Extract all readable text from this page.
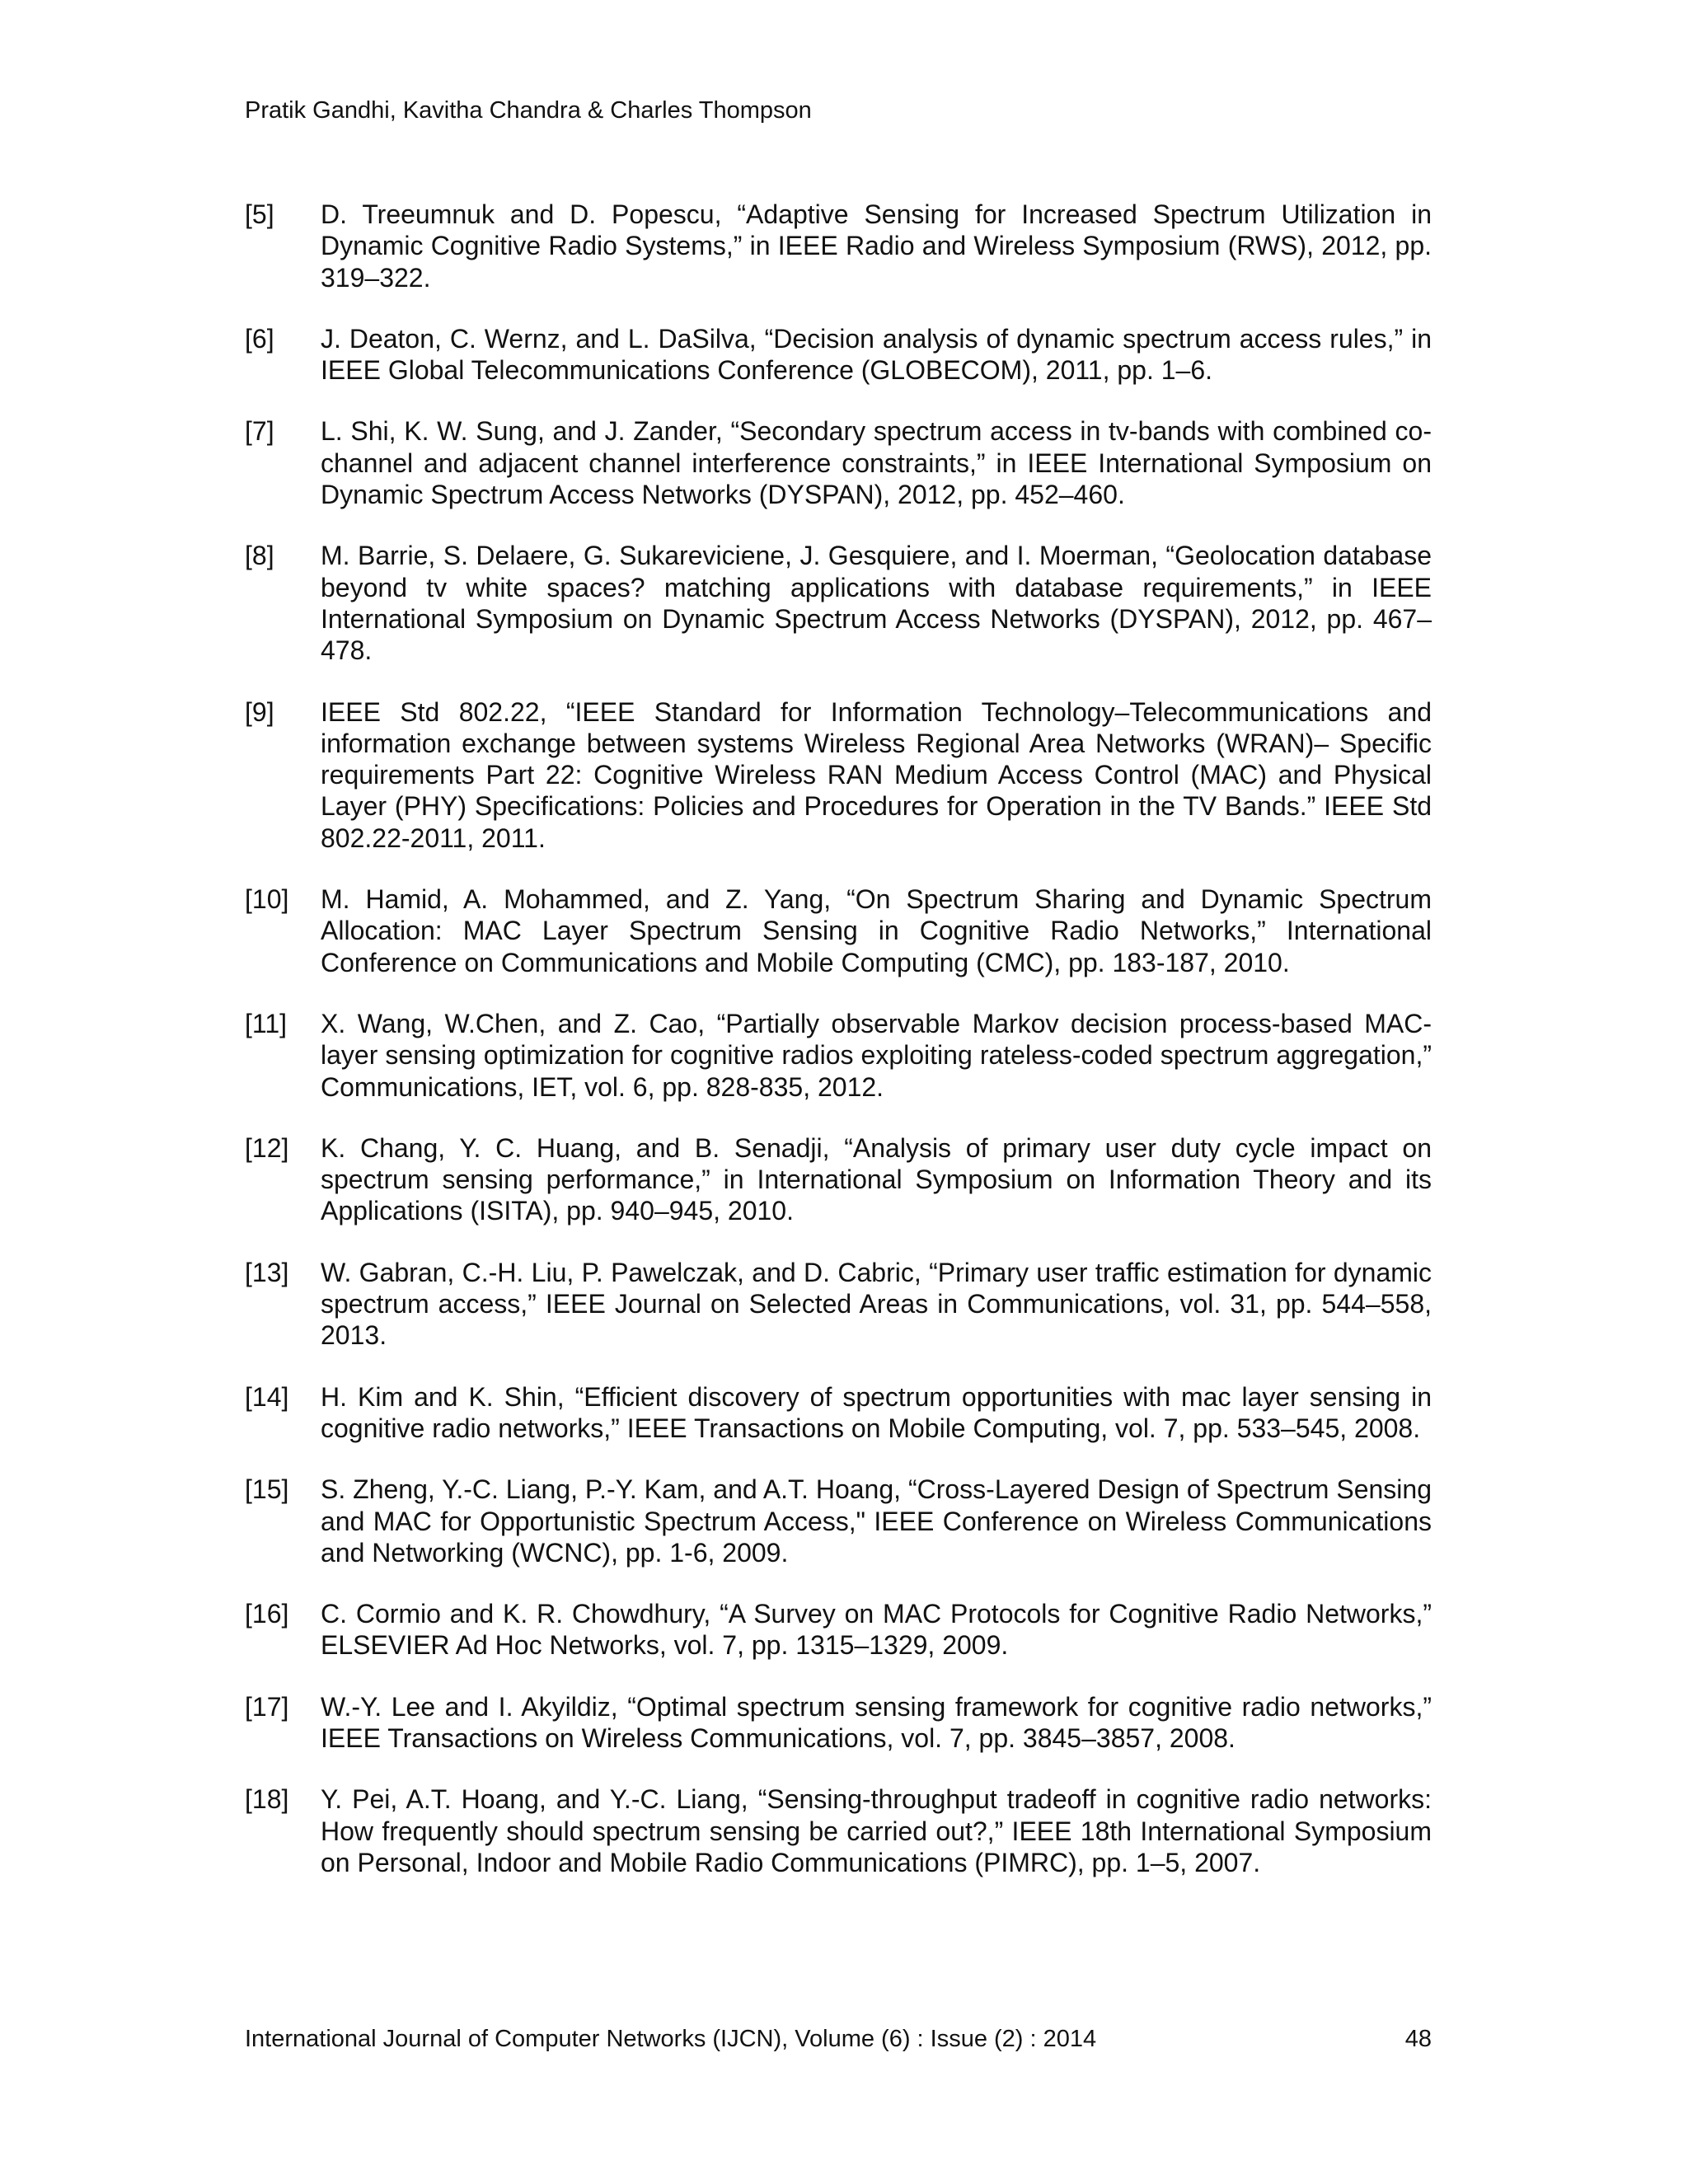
Pratik Gandhi, Kavitha Chandra & Charles Thompson
[5] D. Treeumnuk and D. Popescu, “Adaptive Sensing for Increased Spectrum Utilization in Dynamic Cognitive Radio Systems,” in IEEE Radio and Wireless Symposium (RWS), 2012, pp. 319–322.
[6] J. Deaton, C. Wernz, and L. DaSilva, “Decision analysis of dynamic spectrum access rules,” in IEEE Global Telecommunications Conference (GLOBECOM), 2011, pp. 1–6.
[7] L. Shi, K. W. Sung, and J. Zander, “Secondary spectrum access in tv-bands with combined co-channel and adjacent channel interference constraints,” in IEEE International Symposium on Dynamic Spectrum Access Networks (DYSPAN), 2012, pp. 452–460.
[8] M. Barrie, S. Delaere, G. Sukareviciene, J. Gesquiere, and I. Moerman, “Geolocation database beyond tv white spaces? matching applications with database requirements,” in IEEE International Symposium on Dynamic Spectrum Access Networks (DYSPAN), 2012, pp. 467–478.
[9] IEEE Std 802.22, “IEEE Standard for Information Technology–Telecommunications and information exchange between systems Wireless Regional Area Networks (WRAN)– Specific requirements Part 22: Cognitive Wireless RAN Medium Access Control (MAC) and Physical Layer (PHY) Specifications: Policies and Procedures for Operation in the TV Bands.” IEEE Std 802.22-2011, 2011.
[10] M. Hamid, A. Mohammed, and Z. Yang, “On Spectrum Sharing and Dynamic Spectrum Allocation: MAC Layer Spectrum Sensing in Cognitive Radio Networks,” International Conference on Communications and Mobile Computing (CMC), pp. 183-187, 2010.
[11] X. Wang, W.Chen, and Z. Cao, “Partially observable Markov decision process-based MAC-layer sensing optimization for cognitive radios exploiting rateless-coded spectrum aggregation,” Communications, IET, vol. 6, pp. 828-835, 2012.
[12] K. Chang, Y. C. Huang, and B. Senadji, “Analysis of primary user duty cycle impact on spectrum sensing performance,” in International Symposium on Information Theory and its Applications (ISITA), pp. 940–945, 2010.
[13] W. Gabran, C.-H. Liu, P. Pawelczak, and D. Cabric, “Primary user traffic estimation for dynamic spectrum access,” IEEE Journal on Selected Areas in Communications, vol. 31, pp. 544–558, 2013.
[14] H. Kim and K. Shin, “Efficient discovery of spectrum opportunities with mac layer sensing in cognitive radio networks,” IEEE Transactions on Mobile Computing, vol. 7, pp. 533–545, 2008.
[15] S. Zheng, Y.-C. Liang, P.-Y. Kam, and A.T. Hoang, “Cross-Layered Design of Spectrum Sensing and MAC for Opportunistic Spectrum Access," IEEE Conference on Wireless Communications and Networking (WCNC), pp. 1-6, 2009.
[16] C. Cormio and K. R. Chowdhury, “A Survey on MAC Protocols for Cognitive Radio Networks,” ELSEVIER Ad Hoc Networks, vol. 7, pp. 1315–1329, 2009.
[17] W.-Y. Lee and I. Akyildiz, “Optimal spectrum sensing framework for cognitive radio networks,” IEEE Transactions on Wireless Communications, vol. 7, pp. 3845–3857, 2008.
[18] Y. Pei, A.T. Hoang, and Y.-C. Liang, “Sensing-throughput tradeoff in cognitive radio networks: How frequently should spectrum sensing be carried out?,” IEEE 18th International Symposium on Personal, Indoor and Mobile Radio Communications (PIMRC), pp. 1–5, 2007.
International Journal of Computer Networks (IJCN), Volume (6) : Issue (2) : 2014	48
